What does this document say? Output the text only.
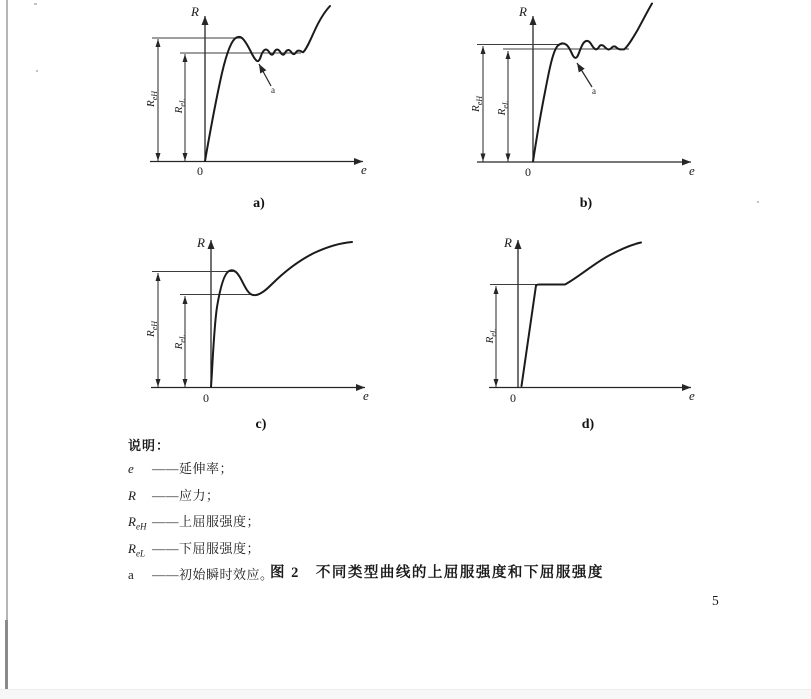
a
R
e
0
$R_{eH}$
$R_{eL}$
a)
a
R
e
0
$R_{eH}$
$R_{eL}$
b)
R
e
0
$R_{eH}$
$R_{eL}$
c)
R
e
0
$R_{eL}$
d)
说明：
e	——延伸率；
R	——应力；
$R_{eH}$ ——上屈服强度；
$R_{eL}$ ——下屈服强度；
a	——初始瞬时效应。
图 2　不同类型曲线的上屈服强度和下屈服强度
5
